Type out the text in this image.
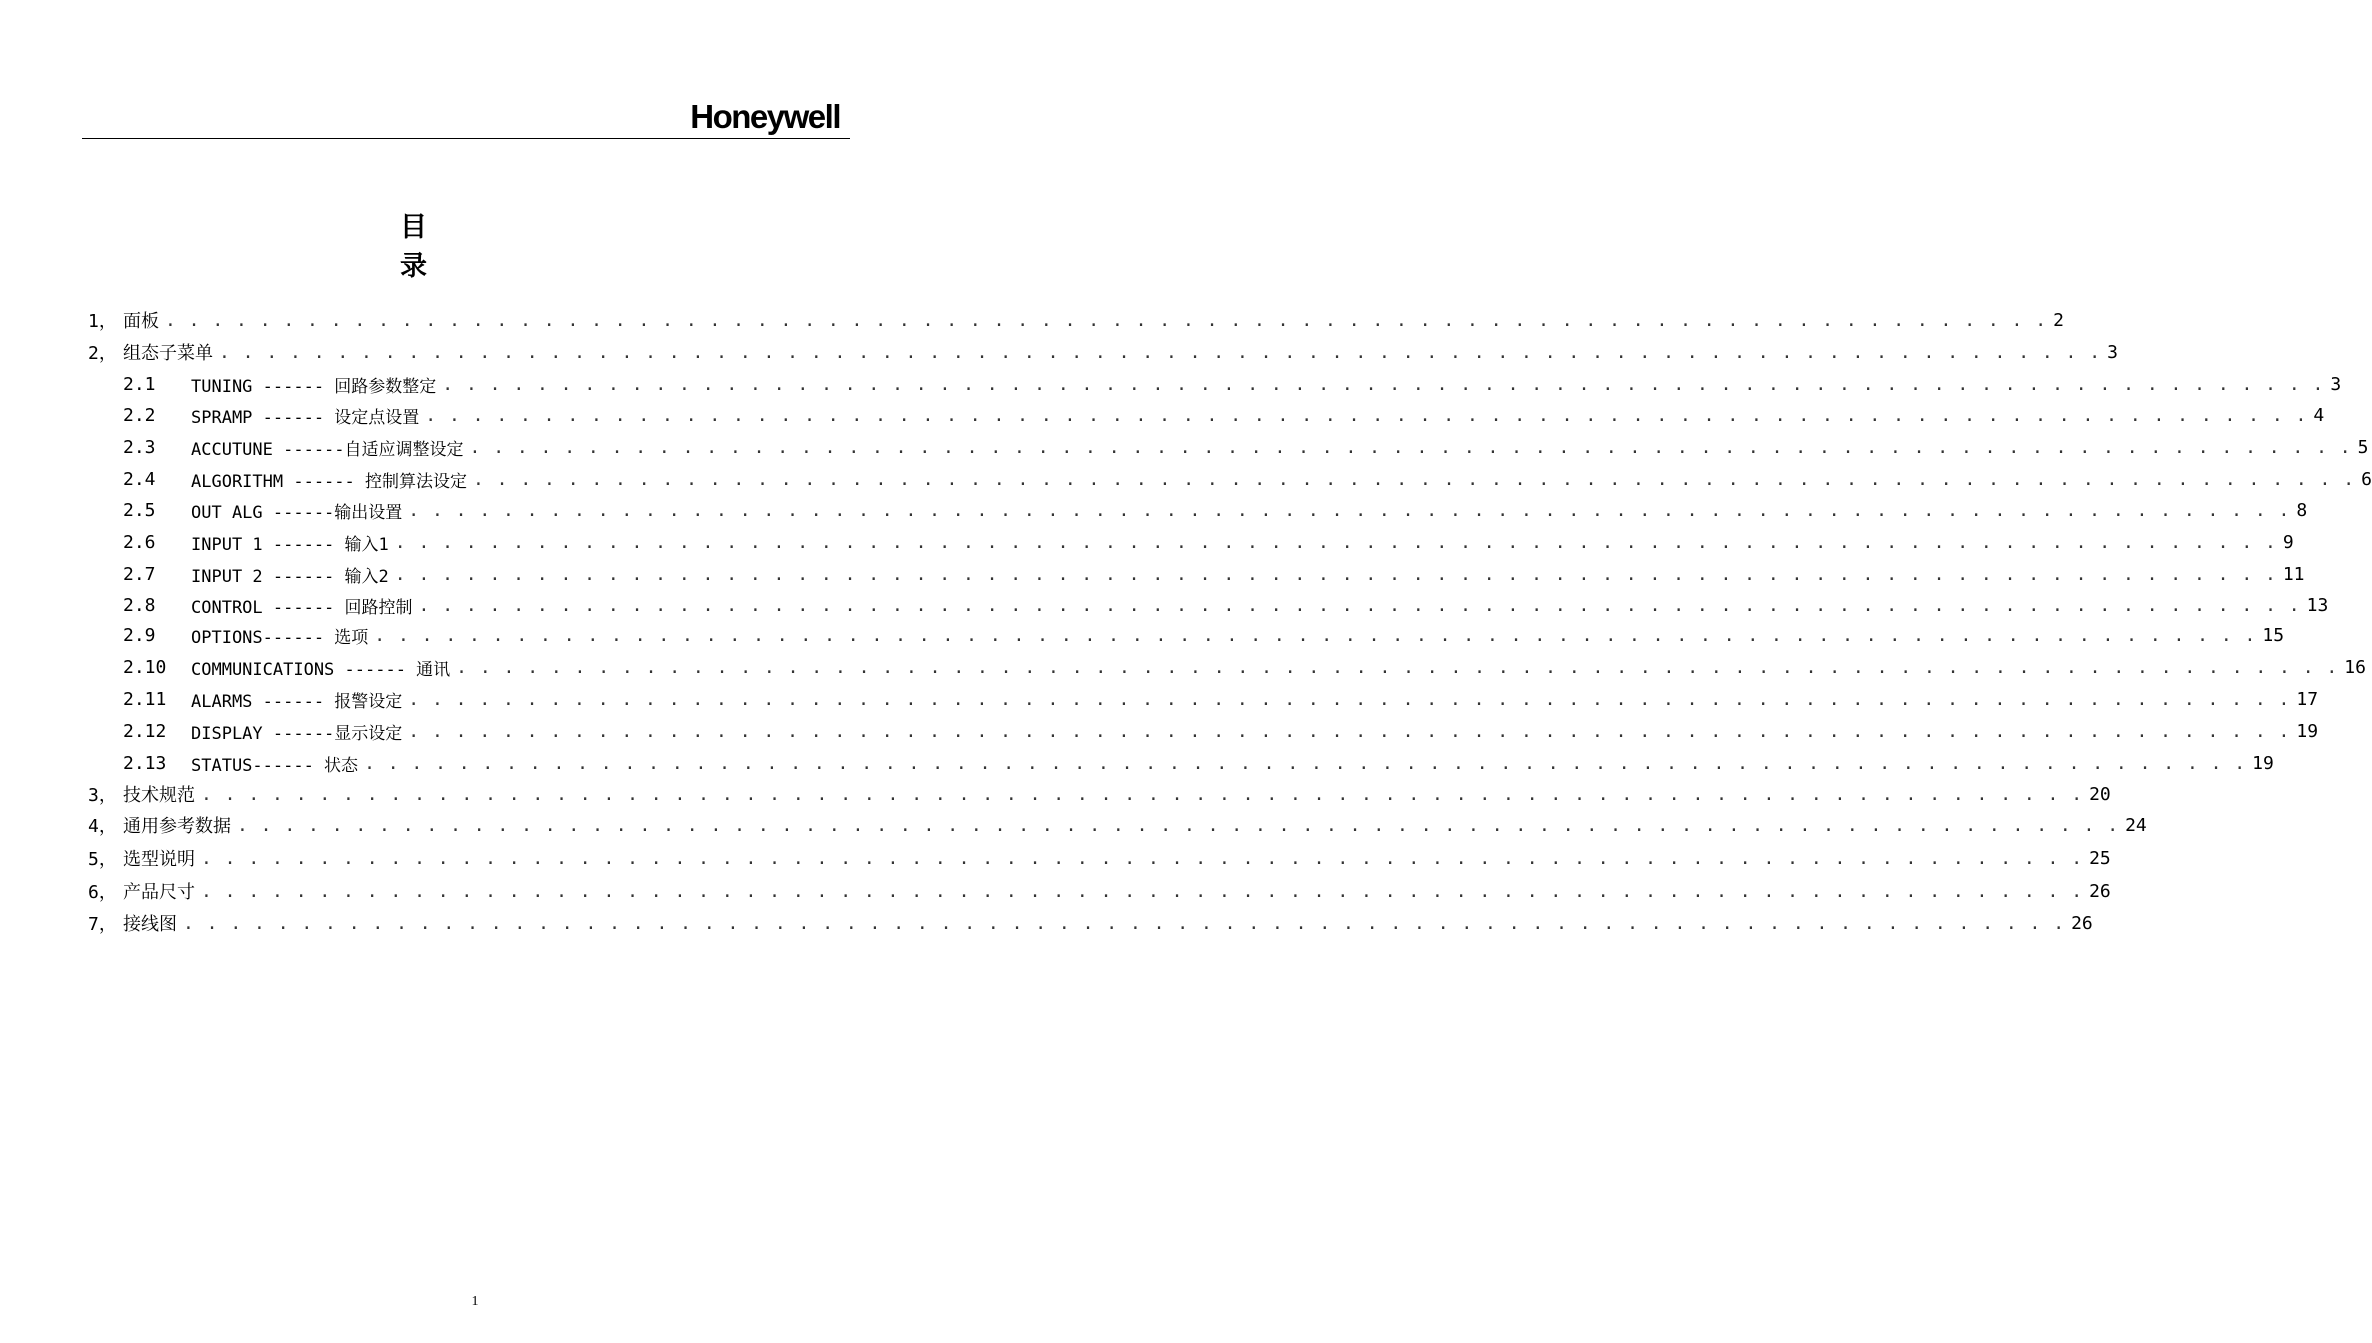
Honeywell
目 录
1， 面板 . . . . . . . . . . . . . . . . . . . . . . . . . . . . . . . . . . . . . . . . . . . . . . . . . . . . . . . . . . . . . . . . . . . . . . . . . . . . . . . . 2
2， 组态子菜单 . . . . . . . . . . . . . . . . . . . . . . . . . . . . . . . . . . . . . . . . . . . . . . . . . . . . . . . . . . . . . . . . . . . . . . . . . . . . . . . . 3
2.1	TUNING ------ 回路参数整定 . . . . . . . . . . . . . . . . . . . . . . . . . . . . . . . . . . . . . . . . . . . . . . . . . . . . . . . . . . . . . . . . . . . . . . . . . . . . . . . . 3
2.2	SPRAMP ------ 设定点设置 . . . . . . . . . . . . . . . . . . . . . . . . . . . . . . . . . . . . . . . . . . . . . . . . . . . . . . . . . . . . . . . . . . . . . . . . . . . . . . . . 4
2.3	ACCUTUNE ------自适应调整设定 . . . . . . . . . . . . . . . . . . . . . . . . . . . . . . . . . . . . . . . . . . . . . . . . . . . . . . . . . . . . . . . . . . . . . . . . . . . . . . . . 5
2.4	ALGORITHM ------ 控制算法设定 . . . . . . . . . . . . . . . . . . . . . . . . . . . . . . . . . . . . . . . . . . . . . . . . . . . . . . . . . . . . . . . . . . . . . . . . . . . . . . . . 6
2.5	OUT ALG ------输出设置 . . . . . . . . . . . . . . . . . . . . . . . . . . . . . . . . . . . . . . . . . . . . . . . . . . . . . . . . . . . . . . . . . . . . . . . . . . . . . . . . 8
2.6	INPUT 1 ------ 输入1 . . . . . . . . . . . . . . . . . . . . . . . . . . . . . . . . . . . . . . . . . . . . . . . . . . . . . . . . . . . . . . . . . . . . . . . . . . . . . . . . 9
2.7	INPUT 2 ------ 输入2 . . . . . . . . . . . . . . . . . . . . . . . . . . . . . . . . . . . . . . . . . . . . . . . . . . . . . . . . . . . . . . . . . . . . . . . . . . . . . . . . 11
2.8	CONTROL ------ 回路控制 . . . . . . . . . . . . . . . . . . . . . . . . . . . . . . . . . . . . . . . . . . . . . . . . . . . . . . . . . . . . . . . . . . . . . . . . . . . . . . . . 13
2.9	OPTIONS------ 选项 . . . . . . . . . . . . . . . . . . . . . . . . . . . . . . . . . . . . . . . . . . . . . . . . . . . . . . . . . . . . . . . . . . . . . . . . . . . . . . . . 15
2.10	COMMUNICATIONS ------ 通讯 . . . . . . . . . . . . . . . . . . . . . . . . . . . . . . . . . . . . . . . . . . . . . . . . . . . . . . . . . . . . . . . . . . . . . . . . . . . . . . . . 16
2.11	ALARMS ------ 报警设定 . . . . . . . . . . . . . . . . . . . . . . . . . . . . . . . . . . . . . . . . . . . . . . . . . . . . . . . . . . . . . . . . . . . . . . . . . . . . . . . . 17
2.12	DISPLAY ------显示设定 . . . . . . . . . . . . . . . . . . . . . . . . . . . . . . . . . . . . . . . . . . . . . . . . . . . . . . . . . . . . . . . . . . . . . . . . . . . . . . . . 19
2.13	STATUS------ 状态 . . . . . . . . . . . . . . . . . . . . . . . . . . . . . . . . . . . . . . . . . . . . . . . . . . . . . . . . . . . . . . . . . . . . . . . . . . . . . . . . 19
3， 技术规范 . . . . . . . . . . . . . . . . . . . . . . . . . . . . . . . . . . . . . . . . . . . . . . . . . . . . . . . . . . . . . . . . . . . . . . . . . . . . . . . . 20
4， 通用参考数据 . . . . . . . . . . . . . . . . . . . . . . . . . . . . . . . . . . . . . . . . . . . . . . . . . . . . . . . . . . . . . . . . . . . . . . . . . . . . . . . . 24
5， 选型说明 . . . . . . . . . . . . . . . . . . . . . . . . . . . . . . . . . . . . . . . . . . . . . . . . . . . . . . . . . . . . . . . . . . . . . . . . . . . . . . . . 25
6， 产品尺寸 . . . . . . . . . . . . . . . . . . . . . . . . . . . . . . . . . . . . . . . . . . . . . . . . . . . . . . . . . . . . . . . . . . . . . . . . . . . . . . . . 26
7， 接线图 . . . . . . . . . . . . . . . . . . . . . . . . . . . . . . . . . . . . . . . . . . . . . . . . . . . . . . . . . . . . . . . . . . . . . . . . . . . . . . . . 26
1
